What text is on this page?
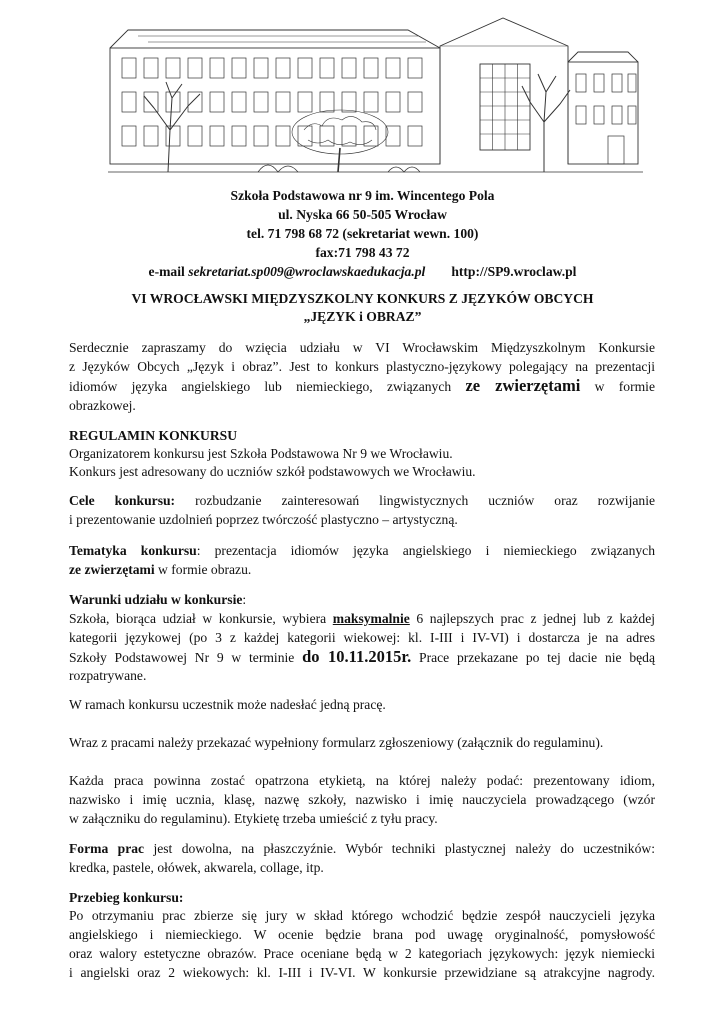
Szkoła Podstawowa nr 9 im. Wincentego Pola
ul. Nyska 66 50-505 Wrocław
tel. 71 798 68 72 (sekretariat wewn. 100)
fax:71 798 43 72
e-mail sekretariat.sp009@wroclawskaedukacja.pl http://SP9.wroclaw.pl
VI WROCŁAWSKI MIĘDZYSZKOLNY KONKURS Z JĘZYKÓW OBCYCH
„JĘZYK i OBRAZ”
Serdecznie zapraszamy do wzięcia udziału w VI Wrocławskim Międzyszkolnym Konkursie
z Języków Obcych „Język i obraz”. Jest to konkurs plastyczno-językowy polegający na prezentacji
idiomów języka angielskiego lub niemieckiego, związanych ze zwierzętami w formie
obrazkowej.
REGULAMIN KONKURSU
Organizatorem konkursu jest Szkoła Podstawowa Nr 9 we Wrocławiu.
Konkurs jest adresowany do uczniów szkół podstawowych we Wrocławiu.
Cele konkursu: rozbudzanie zainteresowań lingwistycznych uczniów oraz rozwijanie
i prezentowanie uzdolnień poprzez twórczość plastyczno – artystyczną.
Tematyka konkursu: prezentacja idiomów języka angielskiego i niemieckiego związanych
ze zwierzętami w formie obrazu.
Warunki udziału w konkursie:
Szkoła, biorąca udział w konkursie, wybiera maksymalnie 6 najlepszych prac z jednej lub z każdej
kategorii językowej (po 3 z każdej kategorii wiekowej: kl. I-III i IV-VI) i dostarcza je na adres
Szkoły Podstawowej Nr 9 w terminie do 10.11.2015r. Prace przekazane po tej dacie nie będą
rozpatrywane.
W ramach konkursu uczestnik może nadesłać jedną pracę.
Wraz z pracami należy przekazać wypełniony formularz zgłoszeniowy (załącznik do regulaminu).
Każda praca powinna zostać opatrzona etykietą, na której należy podać: prezentowany idiom,
nazwisko i imię ucznia, klasę, nazwę szkoły, nazwisko i imię nauczyciela prowadzącego (wzór
w załączniku do regulaminu). Etykietę trzeba umieścić z tyłu pracy.
Forma prac jest dowolna, na płaszczyźnie. Wybór techniki plastycznej należy do uczestników:
kredka, pastele, ołówek, akwarela, collage, itp.
Przebieg konkursu:
Po otrzymaniu prac zbierze się jury w skład którego wchodzić będzie zespół nauczycieli języka
angielskiego i niemieckiego. W ocenie będzie brana pod uwagę oryginalność, pomysłowość
oraz walory estetyczne obrazów. Prace oceniane będą w 2 kategoriach językowych: język niemiecki
i angielski oraz 2 wiekowych: kl. I-III i IV-VI. W konkursie przewidziane są atrakcyjne nagrody.
